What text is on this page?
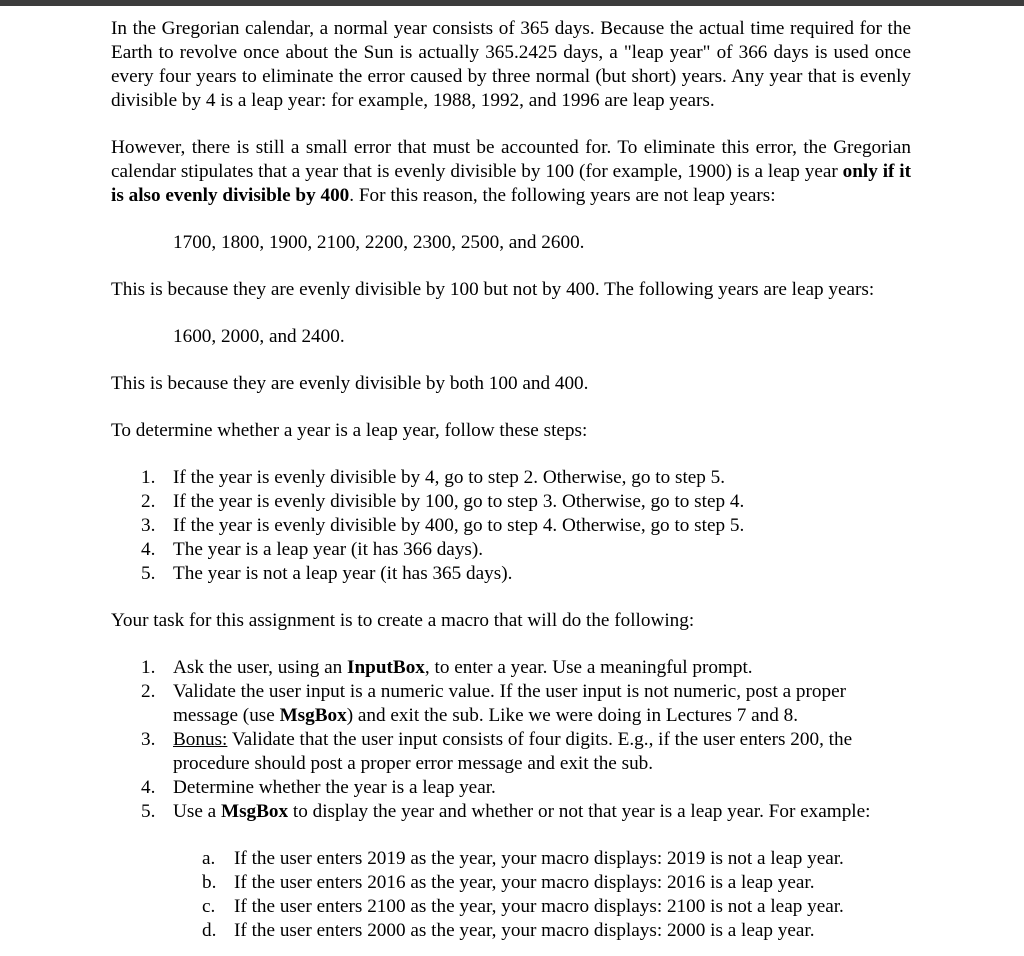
In the Gregorian calendar, a normal year consists of 365 days. Because the actual time required for the Earth to revolve once about the Sun is actually 365.2425 days, a "leap year" of 366 days is used once every four years to eliminate the error caused by three normal (but short) years. Any year that is evenly divisible by 4 is a leap year: for example, 1988, 1992, and 1996 are leap years.

However, there is still a small error that must be accounted for. To eliminate this error, the Gregorian calendar stipulates that a year that is evenly divisible by 100 (for example, 1900) is a leap year only if it is also evenly divisible by 400. For this reason, the following years are not leap years:

1700, 1800, 1900, 2100, 2200, 2300, 2500, and 2600.

This is because they are evenly divisible by 100 but not by 400. The following years are leap years:

1600, 2000, and 2400.

This is because they are evenly divisible by both 100 and 400.

To determine whether a year is a leap year, follow these steps:

1. If the year is evenly divisible by 4, go to step 2. Otherwise, go to step 5.
2. If the year is evenly divisible by 100, go to step 3. Otherwise, go to step 4.
3. If the year is evenly divisible by 400, go to step 4. Otherwise, go to step 5.
4. The year is a leap year (it has 366 days).
5. The year is not a leap year (it has 365 days).

Your task for this assignment is to create a macro that will do the following:

1. Ask the user, using an InputBox, to enter a year. Use a meaningful prompt.
2. Validate the user input is a numeric value. If the user input is not numeric, post a proper message (use MsgBox) and exit the sub. Like we were doing in Lectures 7 and 8.
3. Bonus: Validate that the user input consists of four digits. E.g., if the user enters 200, the procedure should post a proper error message and exit the sub.
4. Determine whether the year is a leap year.
5. Use a MsgBox to display the year and whether or not that year is a leap year. For example:
a. If the user enters 2019 as the year, your macro displays: 2019 is not a leap year.
b. If the user enters 2016 as the year, your macro displays: 2016 is a leap year.
c. If the user enters 2100 as the year, your macro displays: 2100 is not a leap year.
d. If the user enters 2000 as the year, your macro displays: 2000 is a leap year.
